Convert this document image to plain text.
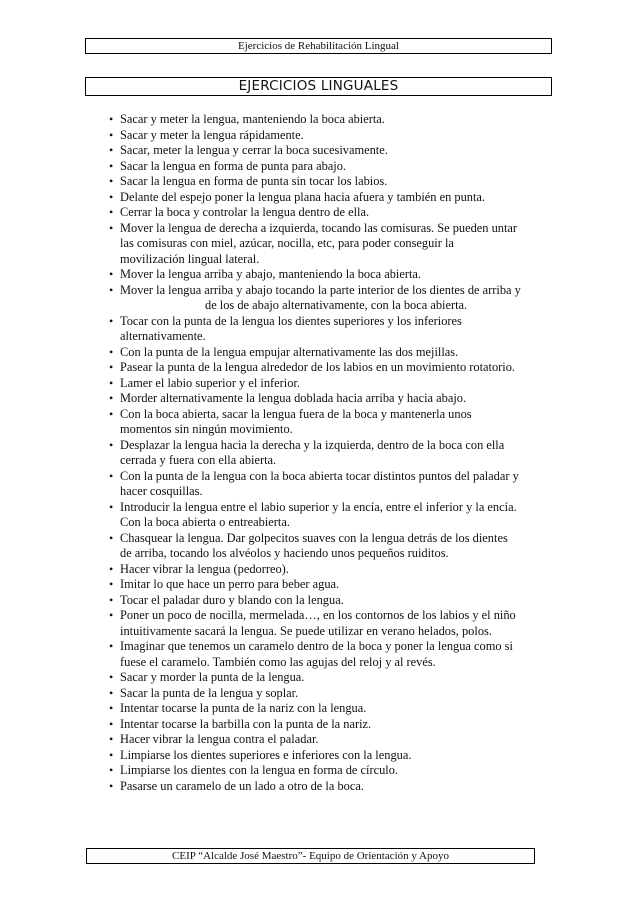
Ejercicios de Rehabilitación Lingual
EJERCICIOS LINGUALES
• Sacar y meter la lengua, manteniendo la boca abierta.
• Sacar y meter la lengua rápidamente.
• Sacar, meter la lengua y cerrar la boca sucesivamente.
• Sacar la lengua en forma de punta para abajo.
• Sacar la lengua en forma de punta sin tocar los labios.
• Delante del espejo poner la lengua plana hacia afuera y también en punta.
• Cerrar la boca y controlar la lengua dentro de ella.
• Mover la lengua de derecha a izquierda, tocando las comisuras. Se pueden untar
las comisuras con miel, azúcar, nocilla, etc, para poder conseguir la
movilización lingual lateral.
• Mover la lengua arriba y abajo, manteniendo la boca abierta.
• Mover la lengua arriba y abajo tocando la parte interior de los dientes de arriba y
de los de abajo alternativamente, con la boca abierta.
• Tocar con la punta de la lengua los dientes superiores y los inferiores
alternativamente.
• Con la punta de la lengua empujar alternativamente las dos mejillas.
• Pasear la punta de la lengua alrededor de los labios en un movimiento rotatorio.
• Lamer el labio superior y el inferior.
• Morder alternativamente la lengua doblada hacia arriba y hacia abajo.
• Con la boca abierta, sacar la lengua fuera de la boca y mantenerla unos
momentos sin ningún movimiento.
• Desplazar la lengua hacia la derecha y la izquierda, dentro de la boca con ella
cerrada y fuera con ella abierta.
• Con la punta de la lengua con la boca abierta tocar distintos puntos del paladar y
hacer cosquillas.
• Introducir la lengua entre el labio superior y la encía, entre el inferior y la encía.
Con la boca abierta o entreabierta.
• Chasquear la lengua. Dar golpecitos suaves con la lengua detrás de los dientes
de arriba, tocando los alvéolos y haciendo unos pequeños ruiditos.
• Hacer vibrar la lengua (pedorreo).
• Imitar lo que hace un perro para beber agua.
• Tocar el paladar duro y blando con la lengua.
• Poner un poco de nocilla, mermelada…, en los contornos de los labios y el niño
intuitivamente sacará la lengua. Se puede utilizar en verano helados, polos.
• Imaginar que tenemos un caramelo dentro de la boca y poner la lengua como si
fuese el caramelo. También como las agujas del reloj y al revés.
• Sacar y morder la punta de la lengua.
• Sacar la punta de la lengua y soplar.
• Intentar tocarse la punta de la nariz con la lengua.
• Intentar tocarse la barbilla con la punta de la nariz.
• Hacer vibrar la lengua contra el paladar.
• Limpiarse los dientes superiores e inferiores con la lengua.
• Limpiarse los dientes con la lengua en forma de círculo.
• Pasarse un caramelo de un lado a otro de la boca.
CEIP “Alcalde José Maestro”- Equipo de Orientación y Apoyo
